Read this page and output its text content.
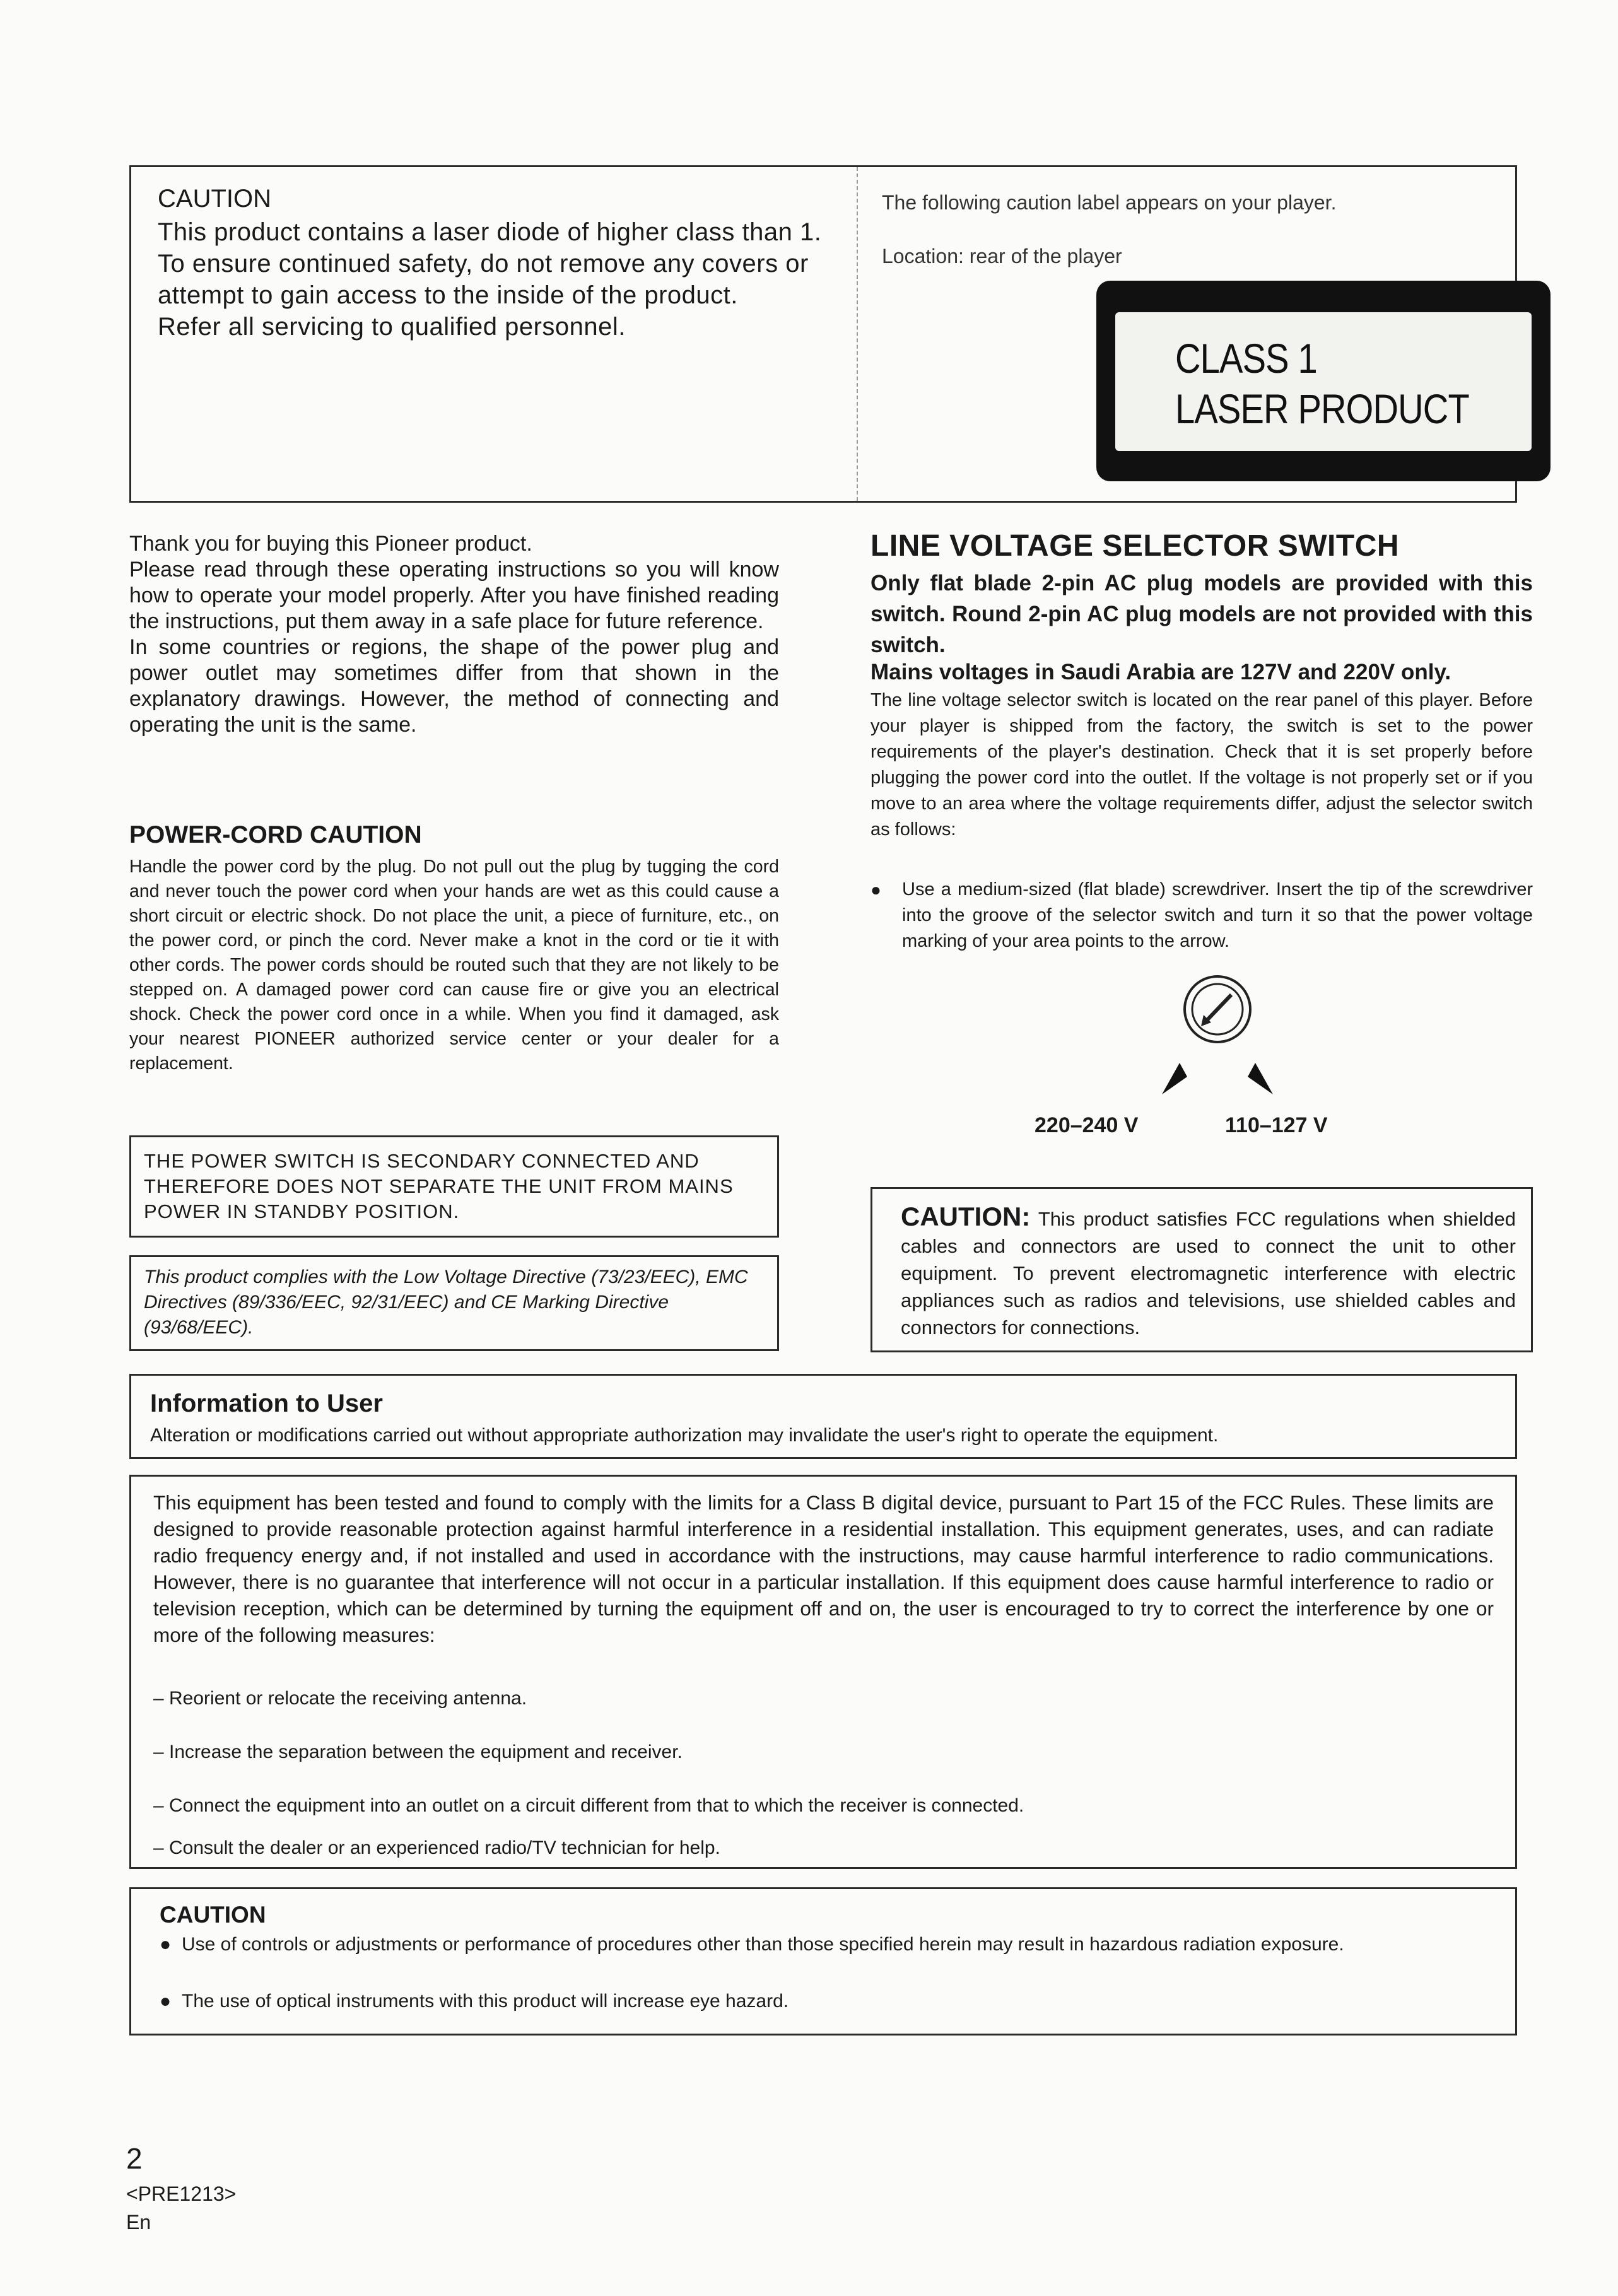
CAUTION
This product contains a laser diode of higher class than 1. To ensure continued safety, do not remove any covers or attempt to gain access to the inside of the product.
Refer all servicing to qualified personnel.
The following caution label appears on your player.
Location: rear of the player
CLASS 1
LASER PRODUCT
Thank you for buying this Pioneer product.
Please read through these operating instructions so you will know how to operate your model properly. After you have finished reading the instructions, put them away in a safe place for future reference.
In some countries or regions, the shape of the power plug and power outlet may sometimes differ from that shown in the explanatory drawings. However, the method of connecting and operating the unit is the same.
POWER-CORD CAUTION
Handle the power cord by the plug. Do not pull out the plug by tugging the cord and never touch the power cord when your hands are wet as this could cause a short circuit or electric shock. Do not place the unit, a piece of furniture, etc., on the power cord, or pinch the cord. Never make a knot in the cord or tie it with other cords. The power cords should be routed such that they are not likely to be stepped on. A damaged power cord can cause fire or give you an electrical shock. Check the power cord once in a while. When you find it damaged, ask your nearest PIONEER authorized service center or your dealer for a replacement.
THE POWER SWITCH IS SECONDARY CONNECTED AND THEREFORE DOES NOT SEPARATE THE UNIT FROM MAINS POWER IN STANDBY POSITION.
This product complies with the Low Voltage Directive (73/23/EEC), EMC Directives (89/336/EEC, 92/31/EEC) and CE Marking Directive (93/68/EEC).
LINE VOLTAGE SELECTOR SWITCH
Only flat blade 2-pin AC plug models are provided with this switch. Round 2-pin AC plug models are not provided with this switch.
Mains voltages in Saudi Arabia are 127V and 220V only.
The line voltage selector switch is located on the rear panel of this player. Before your player is shipped from the factory, the switch is set to the power requirements of the player's destination. Check that it is set properly before plugging the power cord into the outlet. If the voltage is not properly set or if you move to an area where the voltage requirements differ, adjust the selector switch as follows:
● Use a medium-sized (flat blade) screwdriver. Insert the tip of the screwdriver into the groove of the selector switch and turn it so that the power voltage marking of your area points to the arrow.
220–240 V	110–127 V
CAUTION: This product satisfies FCC regulations when shielded cables and connectors are used to connect the unit to other equipment. To prevent electromagnetic interference with electric appliances such as radios and televisions, use shielded cables and connectors for connections.
Information to User
Alteration or modifications carried out without appropriate authorization may invalidate the user's right to operate the equipment.
This equipment has been tested and found to comply with the limits for a Class B digital device, pursuant to Part 15 of the FCC Rules. These limits are designed to provide reasonable protection against harmful interference in a residential installation. This equipment generates, uses, and can radiate radio frequency energy and, if not installed and used in accordance with the instructions, may cause harmful interference to radio communications. However, there is no guarantee that interference will not occur in a particular installation. If this equipment does cause harmful interference to radio or television reception, which can be determined by turning the equipment off and on, the user is encouraged to try to correct the interference by one or more of the following measures:
– Reorient or relocate the receiving antenna.
– Increase the separation between the equipment and receiver.
– Connect the equipment into an outlet on a circuit different from that to which the receiver is connected.
– Consult the dealer or an experienced radio/TV technician for help.
CAUTION
● Use of controls or adjustments or performance of procedures other than those specified herein may result in hazardous radiation exposure.
● The use of optical instruments with this product will increase eye hazard.
2
<PRE1213>
En
